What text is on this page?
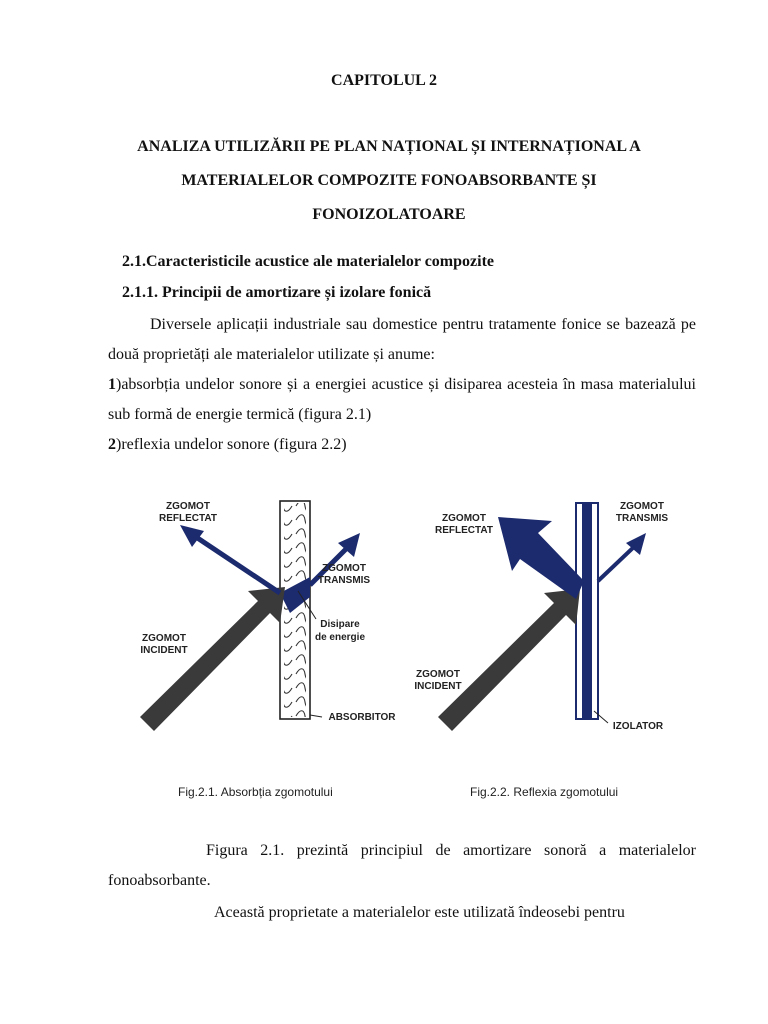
CAPITOLUL 2
ANALIZA UTILIZĂRII PE PLAN NAȚIONAL ȘI INTERNAȚIONAL A
MATERIALELOR COMPOZITE FONOABSORBANTE ȘI
FONOIZOLATOARE
2.1.Caracteristicile acustice ale materialelor compozite
2.1.1. Principii de amortizare și izolare fonică
Diversele aplicații industriale sau domestice pentru tratamente fonice se bazează pe două proprietăți ale materialelor utilizate și anume:
1)absorbția undelor sonore și a energiei acustice și disiparea acesteia în masa materialului sub formă de energie termică (figura 2.1)
2)reflexia undelor sonore (figura 2.2)
ZGOMOT
REFLECTAT
ZGOMOT
TRANSMIS
ZGOMOT
INCIDENT
Disipare
de energie
ABSORBITOR
ZGOMOT
REFLECTAT
ZGOMOT
TRANSMIS
ZGOMOT
INCIDENT
IZOLATOR
Fig.2.1. Absorbția zgomotului	Fig.2.2. Reflexia zgomotului
Figura 2.1. prezintă principiul de amortizare sonoră a materialelor fonoabsorbante.
Această proprietate a materialelor este utilizată îndeosebi pentru
